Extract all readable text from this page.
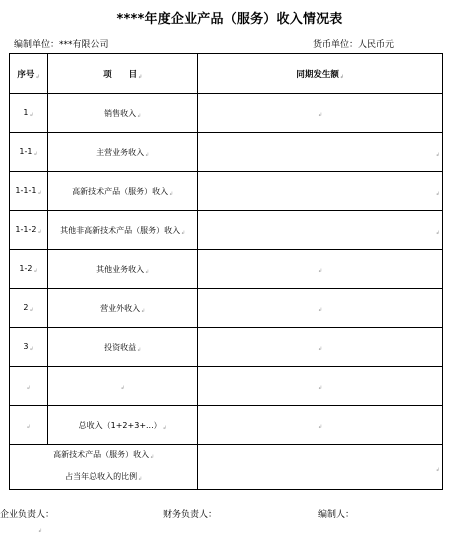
****年度企业产品（服务）收入情况表
编制单位：***有限公司	货币单位：人民币元
序号↲	项　　目↲	同期发生额↲
1↲	销售收入↲	↲
1-1↲	主营业务收入↲	↲

1-1-1↲	高新技术产品（服务）收入↲	↲

1-1-2↲	其他非高新技术产品（服务）收入↲	↲

1-2↲	其他业务收入↲	↲
2↲	营业外收入↲	↲
3↲	投资收益↲	↲
↲	↲	↲
↲	总收入（1+2+3+...）↲	↲

高新技术产品（服务）收入↲
占当年总收入的比例↲		↲
企业负责人：	财务负责人：	编制人：
↲
